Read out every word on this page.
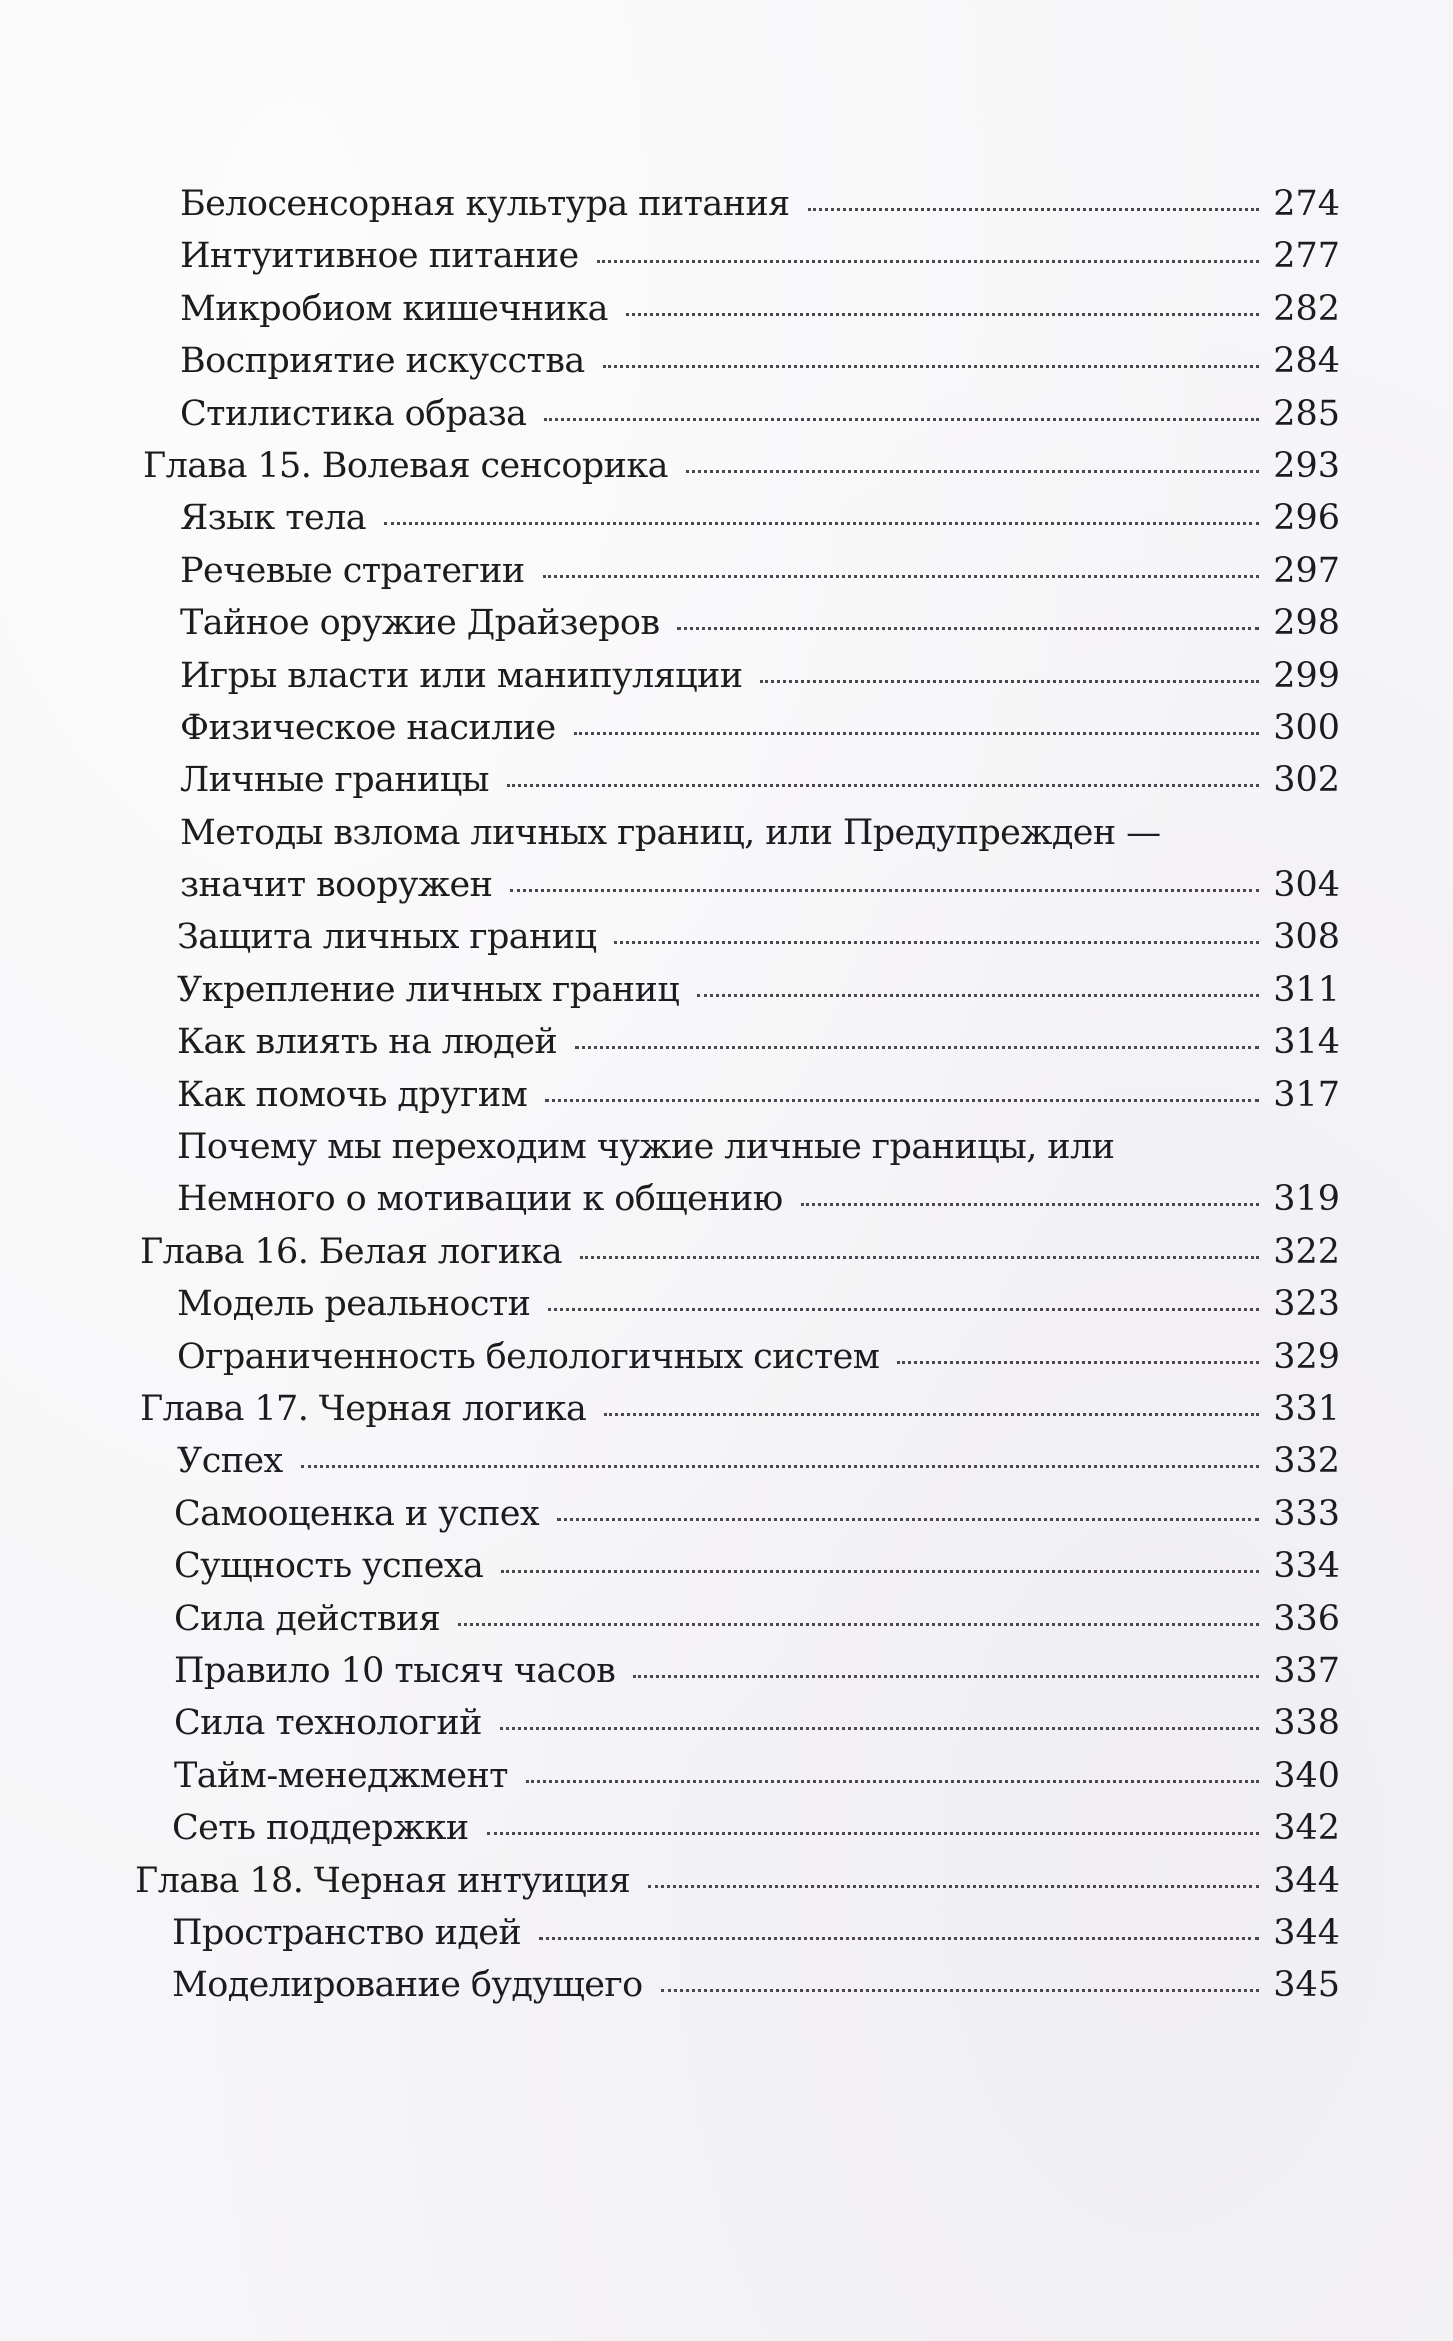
Белосенсорная культура питания	274
Интуитивное питание	277
Микробиом кишечника	282
Восприятие искусства	284
Стилистика образа	285
Глава 15. Волевая сенсорика	293
Язык тела	296
Речевые стратегии	297
Тайное оружие Драйзеров	298
Игры власти или манипуляции	299
Физическое насилие	300
Личные границы	302
Методы взлома личных границ, или Предупрежден —
значит вооружен	304
Защита личных границ	308
Укрепление личных границ	311
Как влиять на людей	314
Как помочь другим	317
Почему мы переходим чужие личные границы, или
Немного о мотивации к общению	319
Глава 16. Белая логика	322
Модель реальности	323
Ограниченность белологичных систем	329
Глава 17. Черная логика	331
Успех	332
Самооценка и успех	333
Сущность успеха	334
Сила действия	336
Правило 10 тысяч часов	337
Сила технологий	338
Тайм-менеджмент	340
Сеть поддержки	342
Глава 18. Черная интуиция	344
Пространство идей	344
Моделирование будущего	345
